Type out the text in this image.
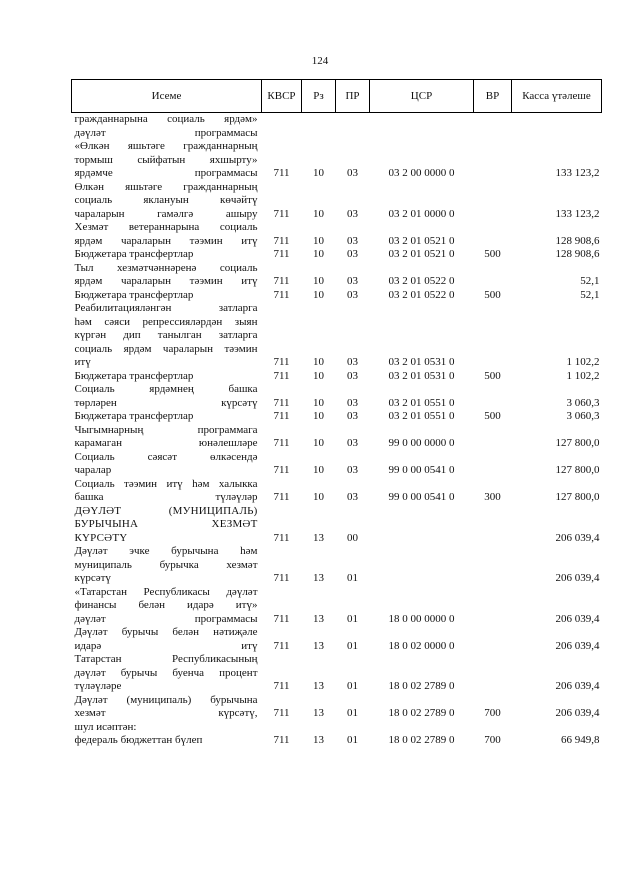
124
Исеме	КВСР	Рз	ПР	ЦСР	ВР	Касса үтәлеше
гражданнарына социаль ярдәм»
дәүләт программасы						
«Өлкән яшьтәге гражданнарның
тормыш сыйфатын яхшырту»
ярдәмче программасы	711	10	03	03 2 00 0000 0		133 123,2
Өлкән яшьтәге гражданнарның
социаль яклануын көчәйтү
чараларын гамәлгә ашыру	711	10	03	03 2 01 0000 0		133 123,2
Хезмәт ветераннарына социаль
ярдәм чараларын тәэмин итү	711	10	03	03 2 01 0521 0		128 908,6
Бюджетара трансфертлар	711	10	03	03 2 01 0521 0	500	128 908,6
Тыл хезмәтчәннәренә социаль
ярдәм чараларын тәэмин итү	711	10	03	03 2 01 0522 0		52,1
Бюджетара трансфертлар	711	10	03	03 2 01 0522 0	500	52,1
Реабилитацияләнгән затларга
һәм сәяси репрессияләрдән зыян
күргән дип танылган затларга
социаль ярдәм чараларын тәэмин
итү	711	10	03	03 2 01 0531 0		1 102,2
Бюджетара трансфертлар	711	10	03	03 2 01 0531 0	500	1 102,2
Социаль ярдәмнең башка
төрләрен күрсәтү	711	10	03	03 2 01 0551 0		3 060,3
Бюджетара трансфертлар	711	10	03	03 2 01 0551 0	500	3 060,3
Чыгымнарның программага
карамаган юнәлешләре	711	10	03	99 0 00 0000 0		127 800,0
Социаль сәясәт өлкәсендә
чаралар	711	10	03	99 0 00 0541 0		127 800,0
Социаль тәэмин итү һәм халыкка
башка түләүләр	711	10	03	99 0 00 0541 0	300	127 800,0
ДӘҮЛӘТ (МУНИЦИПАЛЬ)
БУРЫЧЫНА ХЕЗМӘТ
КҮРСӘТҮ	711	13	00			206 039,4
Дәүләт эчке бурычына һәм
муниципаль бурычка хезмәт
күрсәтү	711	13	01			206 039,4
«Татарстан Республикасы дәүләт
финансы белән идарә итү»
дәүләт программасы	711	13	01	18 0 00 0000 0		206 039,4
Дәүләт бурычы белән нәтиҗәле
идарә итү	711	13	01	18 0 02 0000 0		206 039,4
Татарстан Республикасының
дәүләт бурычы буенча процент
түләүләре	711	13	01	18 0 02 2789 0		206 039,4
Дәүләт (муниципаль) бурычына
хезмәт күрсәтү,	711	13	01	18 0 02 2789 0	700	206 039,4
шул исәптән:						
федераль бюджеттан бүлеп	711	13	01	18 0 02 2789 0	700	66 949,8
